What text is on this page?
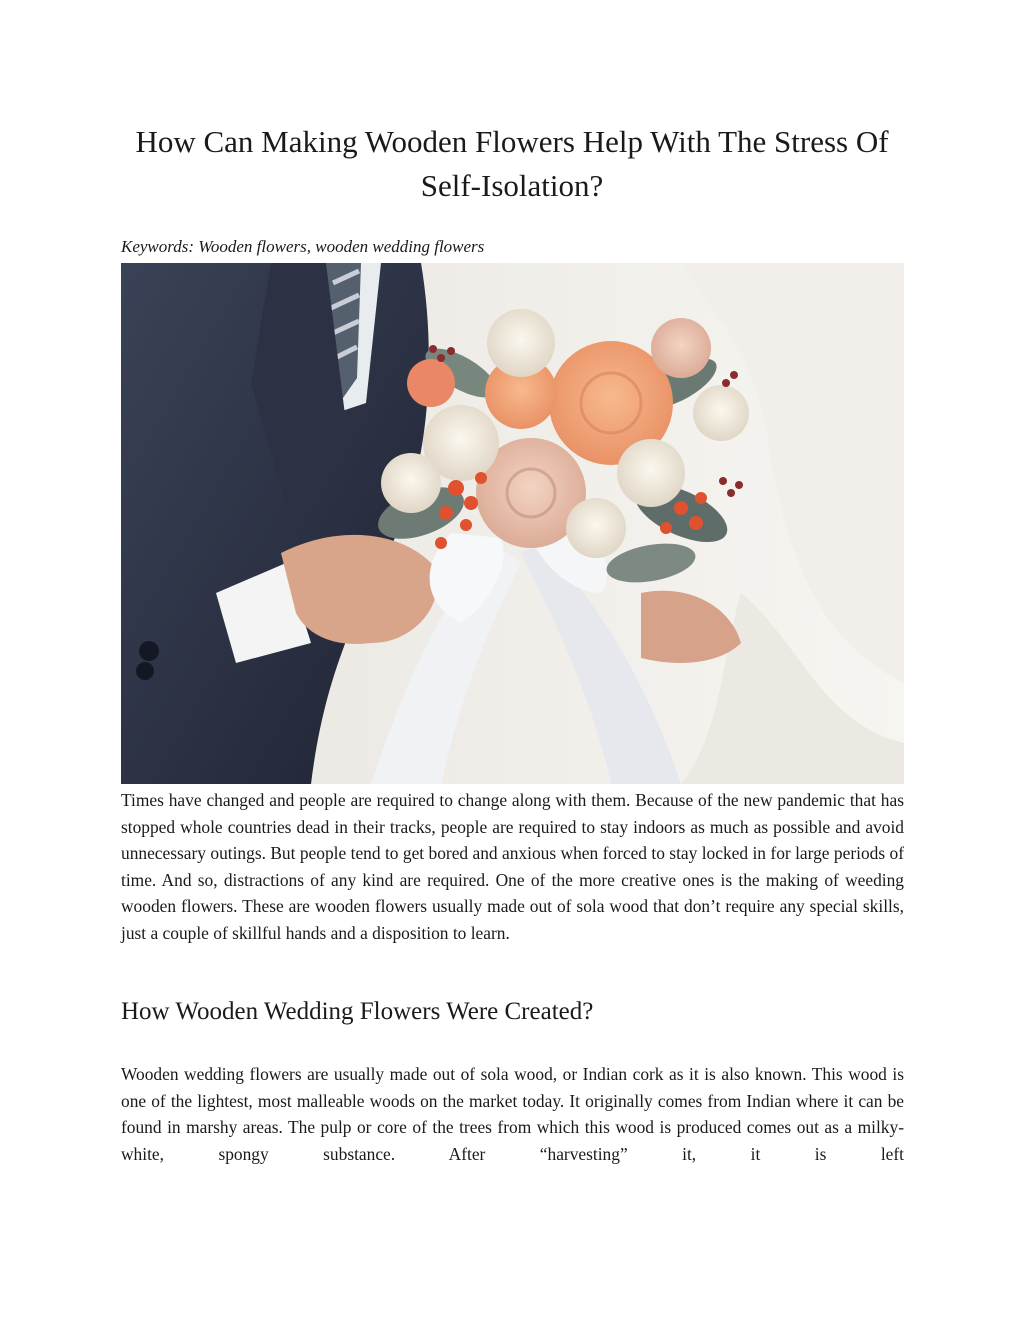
How Can Making Wooden Flowers Help With The Stress Of Self-Isolation?

Keywords: Wooden flowers, wooden wedding flowers

Times have changed and people are required to change along with them. Because of the new pandemic that has stopped whole countries dead in their tracks, people are required to stay indoors as much as possible and avoid unnecessary outings. But people tend to get bored and anxious when forced to stay locked in for large periods of time. And so, distractions of any kind are required. One of the more creative ones is the making of weeding wooden flowers. These are wooden flowers usually made out of sola wood that don’t require any special skills, just a couple of skillful hands and a disposition to learn.

How Wooden Wedding Flowers Were Created?

Wooden wedding flowers are usually made out of sola wood, or Indian cork as it is also known. This wood is one of the lightest, most malleable woods on the market today. It originally comes from Indian where it can be found in marshy areas. The pulp or core of the trees from which this wood is produced comes out as a milky-white, spongy substance. After “harvesting” it, it is left
